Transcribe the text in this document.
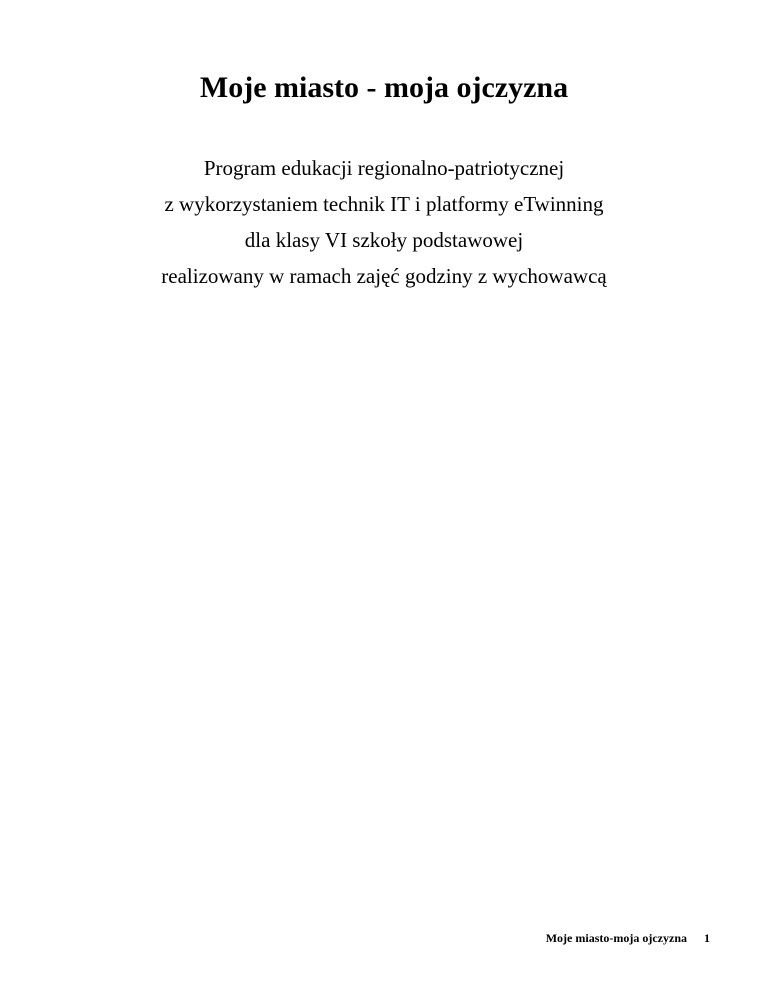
Moje miasto - moja ojczyzna
Program edukacji regionalno-patriotycznej
z wykorzystaniem technik IT i platformy eTwinning
dla klasy VI szkoły podstawowej
realizowany w ramach zajęć godziny z wychowawcą
Moje miasto-moja ojczyzna 1
